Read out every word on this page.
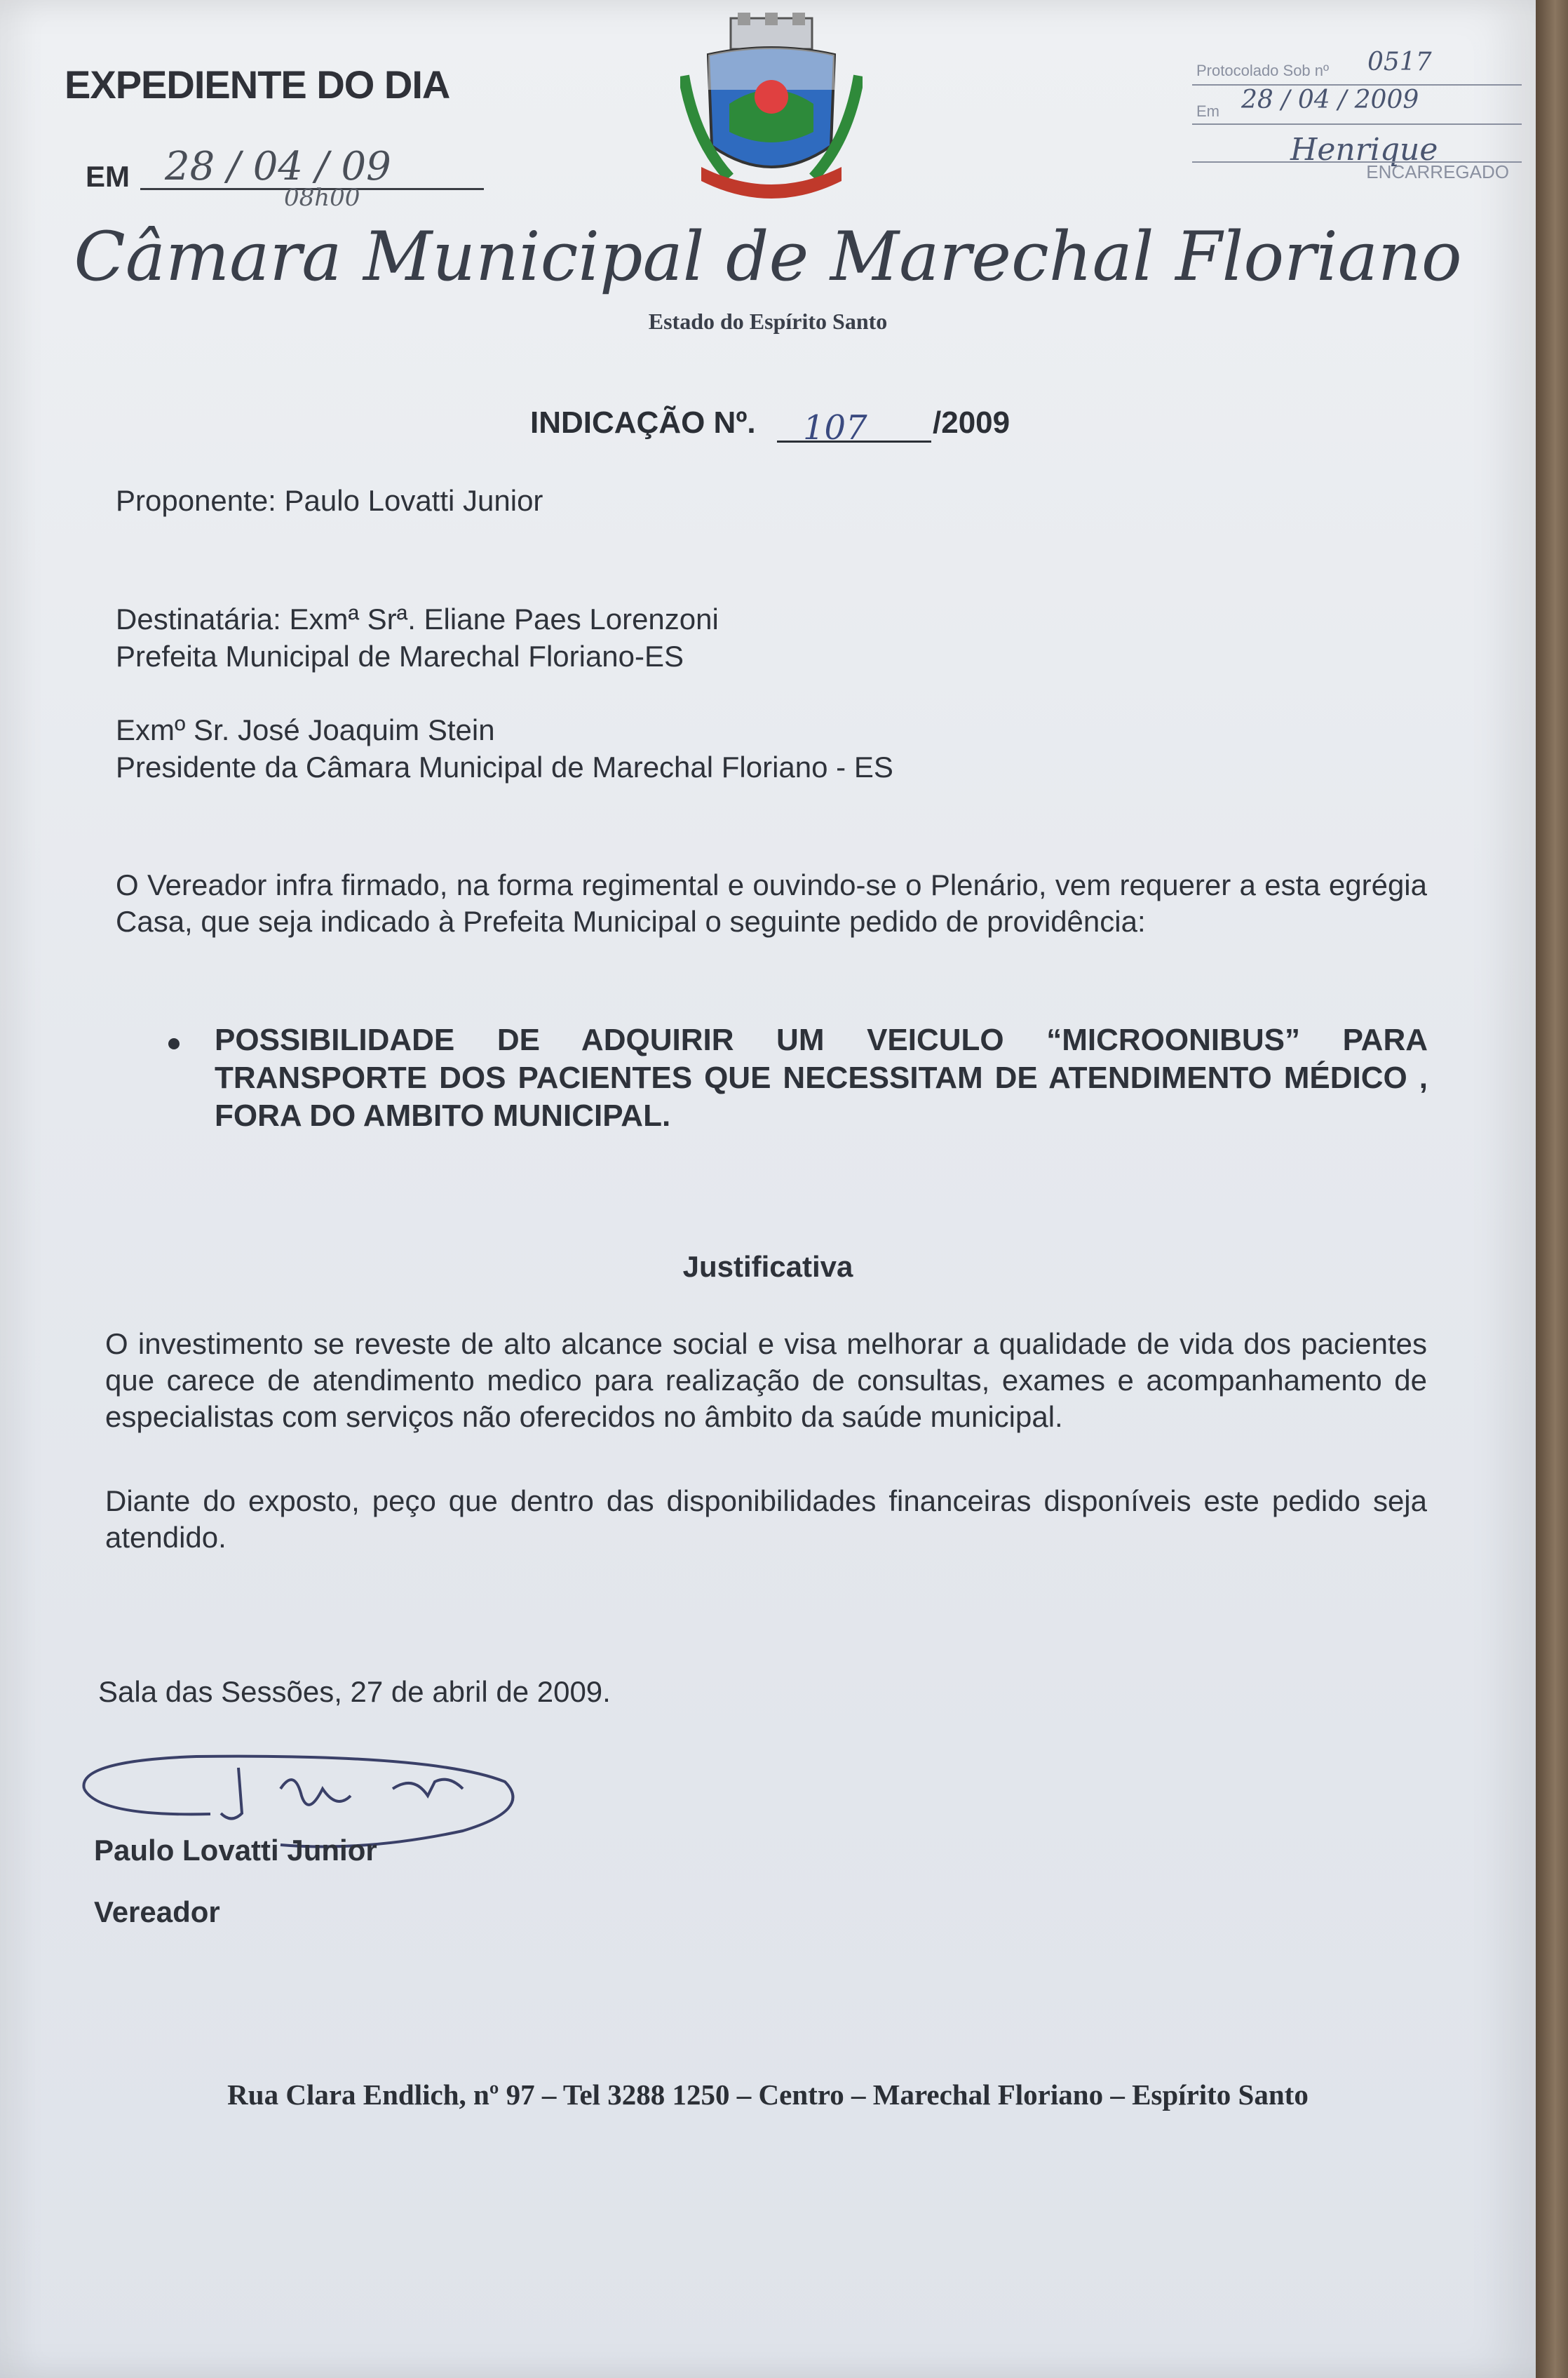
EXPEDIENTE DO DIA
EM 28 / 04 / 09
08h00
Protocolado Sob nº 0517
Em 28 / 04 / 2009
Henrique
ENCARREGADO
Câmara Municipal de Marechal Floriano
Estado do Espírito Santo
INDICAÇÃO Nº. 107 /2009
Proponente: Paulo Lovatti Junior
Destinatária: Exmª Srª. Eliane Paes Lorenzoni
Prefeita Municipal de Marechal Floriano-ES
Exmº Sr. José Joaquim Stein
Presidente da Câmara Municipal de Marechal Floriano - ES
O Vereador infra firmado, na forma regimental e ouvindo-se o Plenário, vem requerer a esta egrégia Casa, que seja indicado à Prefeita Municipal o seguinte pedido de providência:
POSSIBILIDADE DE ADQUIRIR UM VEICULO “MICROONIBUS” PARA TRANSPORTE DOS PACIENTES QUE NECESSITAM DE ATENDIMENTO MÉDICO , FORA DO AMBITO MUNICIPAL.
Justificativa
O investimento se reveste de alto alcance social e visa melhorar a qualidade de vida dos pacientes que carece de atendimento medico para realização de consultas, exames e acompanhamento de especialistas com serviços não oferecidos no âmbito da saúde municipal.
Diante do exposto, peço que dentro das disponibilidades financeiras disponíveis este pedido seja atendido.
Sala das Sessões, 27 de abril de 2009.
Paulo Lovatti Junior
Vereador
Rua Clara Endlich, nº 97 – Tel 3288 1250 – Centro – Marechal Floriano – Espírito Santo
